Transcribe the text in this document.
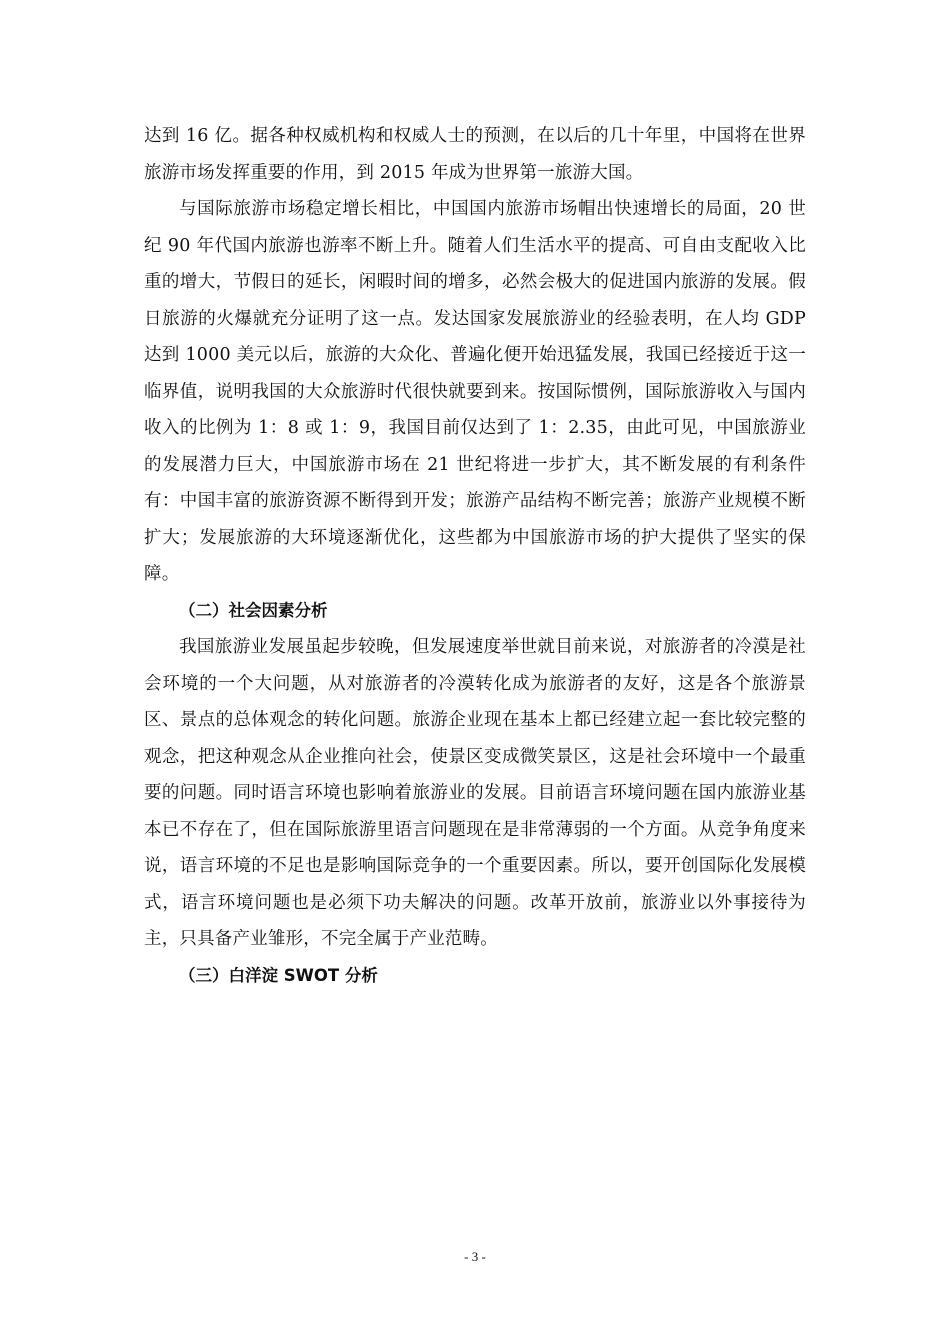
达到 16 亿。据各种权威机构和权威人士的预测，在以后的几十年里，中国将在世界旅游市场发挥重要的作用，到 2015 年成为世界第一旅游大国。

与国际旅游市场稳定增长相比，中国国内旅游市场帽出快速增长的局面，20 世纪 90 年代国内旅游也游率不断上升。随着人们生活水平的提高、可自由支配收入比重的增大，节假日的延长，闲暇时间的增多，必然会极大的促进国内旅游的发展。假日旅游的火爆就充分证明了这一点。发达国家发展旅游业的经验表明，在人均 GDP 达到 1000 美元以后，旅游的大众化、普遍化便开始迅猛发展，我国已经接近于这一临界值，说明我国的大众旅游时代很快就要到来。按国际惯例，国际旅游收入与国内收入的比例为 1：8 或 1：9，我国目前仅达到了 1：2.35，由此可见，中国旅游业的发展潜力巨大，中国旅游市场在 21 世纪将进一步扩大，其不断发展的有利条件有：中国丰富的旅游资源不断得到开发；旅游产品结构不断完善；旅游产业规模不断扩大；发展旅游的大环境逐渐优化，这些都为中国旅游市场的护大提供了坚实的保障。

（二）社会因素分析

我国旅游业发展虽起步较晚，但发展速度举世就目前来说，对旅游者的冷漠是社会环境的一个大问题，从对旅游者的冷漠转化成为旅游者的友好，这是各个旅游景区、景点的总体观念的转化问题。旅游企业现在基本上都已经建立起一套比较完整的观念，把这种观念从企业推向社会，使景区变成微笑景区，这是社会环境中一个最重要的问题。同时语言环境也影响着旅游业的发展。目前语言环境问题在国内旅游业基本已不存在了，但在国际旅游里语言问题现在是非常薄弱的一个方面。从竞争角度来说，语言环境的不足也是影响国际竞争的一个重要因素。所以，要开创国际化发展模式，语言环境问题也是必须下功夫解决的问题。改革开放前，旅游业以外事接待为主，只具备产业雏形，不完全属于产业范畴。

（三）白洋淀 SWOT 分析
- 3 -
